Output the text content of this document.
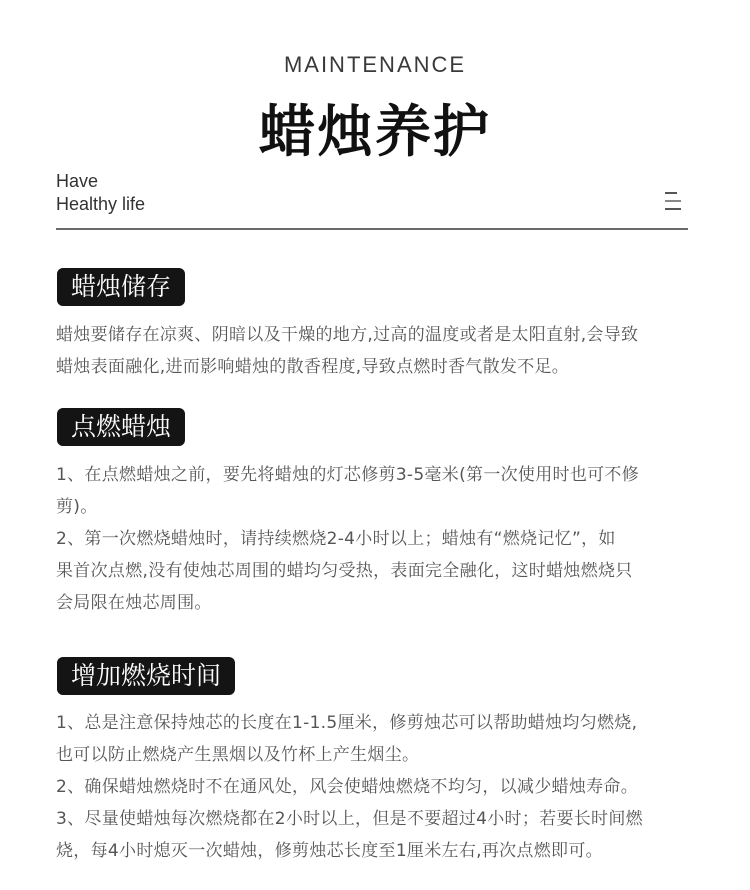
MAINTENANCE
蜡烛养护
Have
Healthy life
蜡烛储存
蜡烛要储存在凉爽、阴暗以及干燥的地方,过高的温度或者是太阳直射,会导致
蜡烛表面融化,进而影响蜡烛的散香程度,导致点燃时香气散发不足。
点燃蜡烛
1、在点燃蜡烛之前，要先将蜡烛的灯芯修剪3-5毫米(第一次使用时也可不修
剪)。
2、第一次燃烧蜡烛时，请持续燃烧2-4小时以上；蜡烛有“燃烧记忆”，如
果首次点燃,没有使烛芯周围的蜡均匀受热，表面完全融化，这时蜡烛燃烧只
会局限在烛芯周围。
增加燃烧时间
1、总是注意保持烛芯的长度在1-1.5厘米，修剪烛芯可以帮助蜡烛均匀燃烧,
也可以防止燃烧产生黑烟以及竹杯上产生烟尘。
2、确保蜡烛燃烧时不在通风处，风会使蜡烛燃烧不均匀，以减少蜡烛寿命。
3、尽量使蜡烛每次燃烧都在2小时以上，但是不要超过4小时；若要长时间燃
烧，每4小时熄灭一次蜡烛，修剪烛芯长度至1厘米左右,再次点燃即可。
